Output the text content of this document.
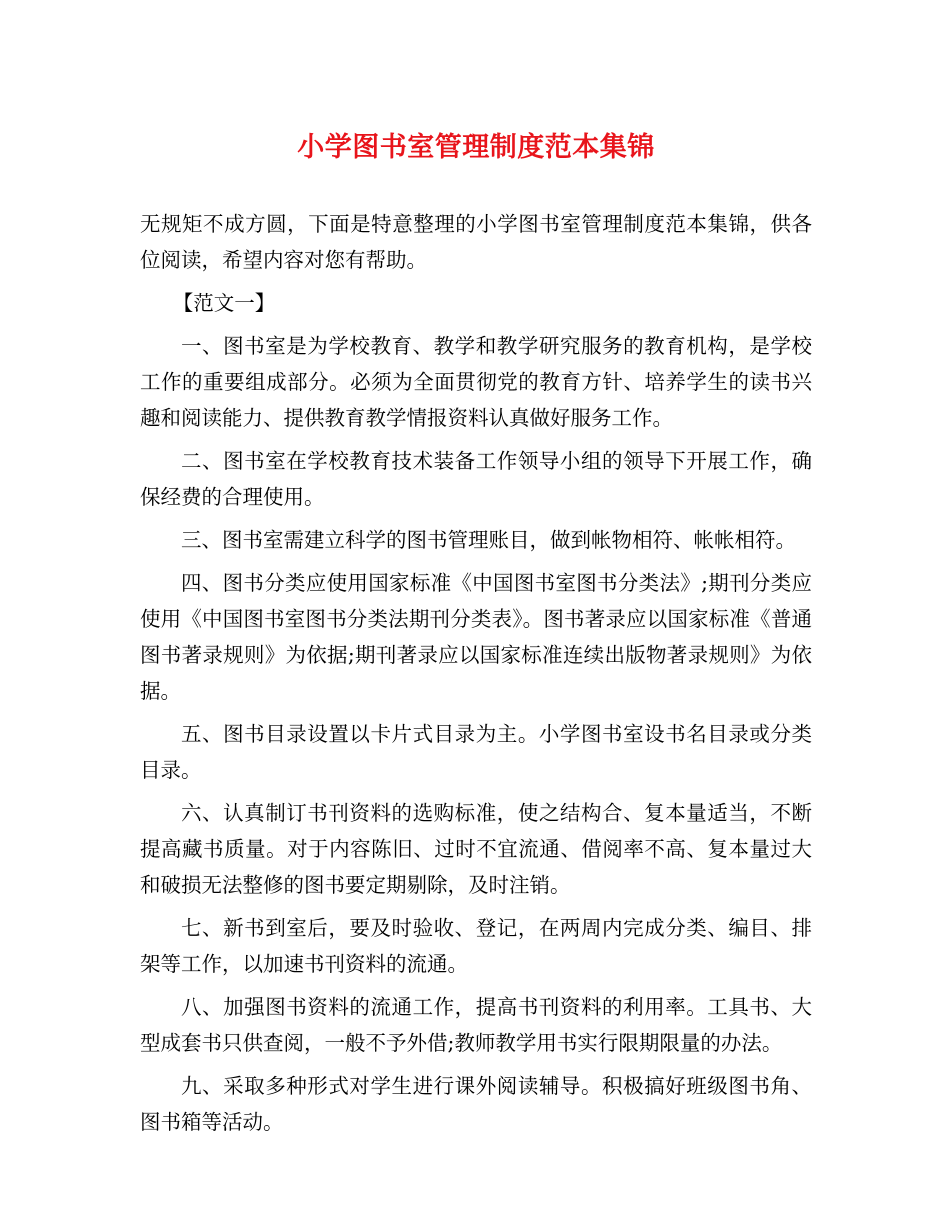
小学图书室管理制度范本集锦

无规矩不成方圆，下面是特意整理的小学图书室管理制度范本集锦，供各位阅读，希望内容对您有帮助。

【范文一】

一、图书室是为学校教育、教学和教学研究服务的教育机构，是学校工作的重要组成部分。必须为全面贯彻党的教育方针、培养学生的读书兴趣和阅读能力、提供教育教学情报资料认真做好服务工作。

二、图书室在学校教育技术装备工作领导小组的领导下开展工作，确保经费的合理使用。

三、图书室需建立科学的图书管理账目，做到帐物相符、帐帐相符。

四、图书分类应使用国家标准《中国图书室图书分类法》;期刊分类应使用《中国图书室图书分类法期刊分类表》。图书著录应以国家标准《普通图书著录规则》为依据;期刊著录应以国家标准连续出版物著录规则》为依据。

五、图书目录设置以卡片式目录为主。小学图书室设书名目录或分类目录。

六、认真制订书刊资料的选购标准，使之结构合、复本量适当，不断提高藏书质量。对于内容陈旧、过时不宜流通、借阅率不高、复本量过大和破损无法整修的图书要定期剔除，及时注销。

七、新书到室后，要及时验收、登记，在两周内完成分类、编目、排架等工作，以加速书刊资料的流通。

八、加强图书资料的流通工作，提高书刊资料的利用率。工具书、大型成套书只供查阅，一般不予外借;教师教学用书实行限期限量的办法。

九、采取多种形式对学生进行课外阅读辅导。积极搞好班级图书角、图书箱等活动。
